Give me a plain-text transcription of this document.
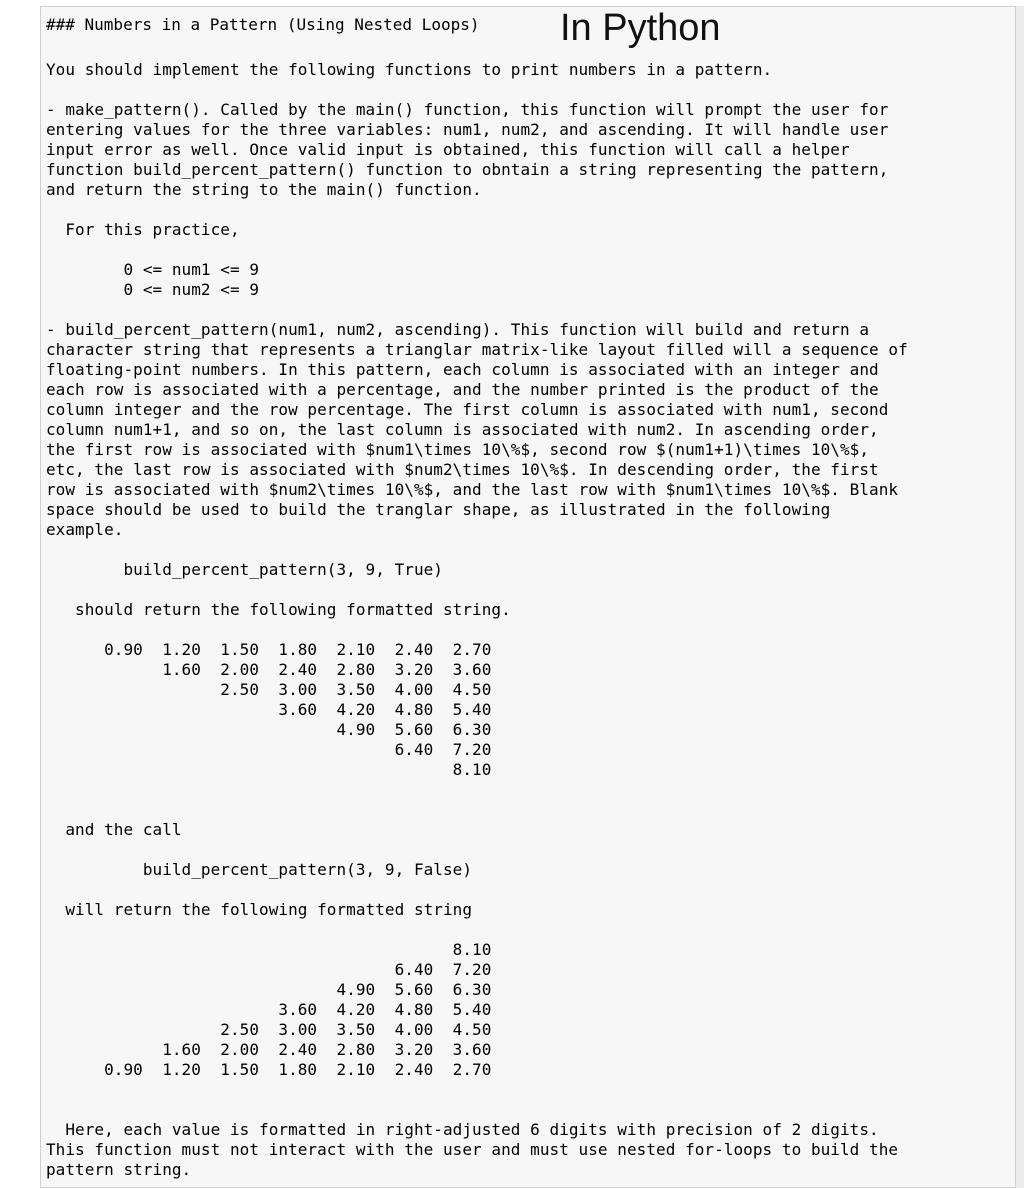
### Numbers in a Pattern (Using Nested Loops) In Python
You should implement the following functions to print numbers in a pattern.

- make_pattern(). Called by the main() function, this function will prompt the user for
entering values for the three variables: num1, num2, and ascending. It will handle user
input error as well. Once valid input is obtained, this function will call a helper
function build_percent_pattern() function to obntain a string representing the pattern,
and return the string to the main() function.

For this practice,

0 <= num1 <= 9
0 <= num2 <= 9

- build_percent_pattern(num1, num2, ascending). This function will build and return a
character string that represents a trianglar matrix-like layout filled will a sequence of
floating-point numbers. In this pattern, each column is associated with an integer and
each row is associated with a percentage, and the number printed is the product of the
column integer and the row percentage. The first column is associated with num1, second
column num1+1, and so on, the last column is associated with num2. In ascending order,
the first row is associated with $num1\times 10\%$, second row $(num1+1)\times 10\%$,
etc, the last row is associated with $num2\times 10\%$. In descending order, the first
row is associated with $num2\times 10\%$, and the last row with $num1\times 10\%$. Blank
space should be used to build the tranglar shape, as illustrated in the following
example.

build_percent_pattern(3, 9, True)

should return the following formatted string.

0.90  1.20  1.50  1.80  2.10  2.40  2.70
1.60  2.00  2.40  2.80  3.20  3.60
2.50  3.00  3.50  4.00  4.50
3.60  4.20  4.80  5.40
4.90  5.60  6.30
6.40  7.20
8.10

and the call

build_percent_pattern(3, 9, False)

will return the following formatted string

8.10
6.40  7.20
4.90  5.60  6.30
3.60  4.20  4.80  5.40
2.50  3.00  3.50  4.00  4.50
1.60  2.00  2.40  2.80  3.20  3.60
0.90  1.20  1.50  1.80  2.10  2.40  2.70

Here, each value is formatted in right-adjusted 6 digits with precision of 2 digits.
This function must not interact with the user and must use nested for-loops to build the
pattern string.
